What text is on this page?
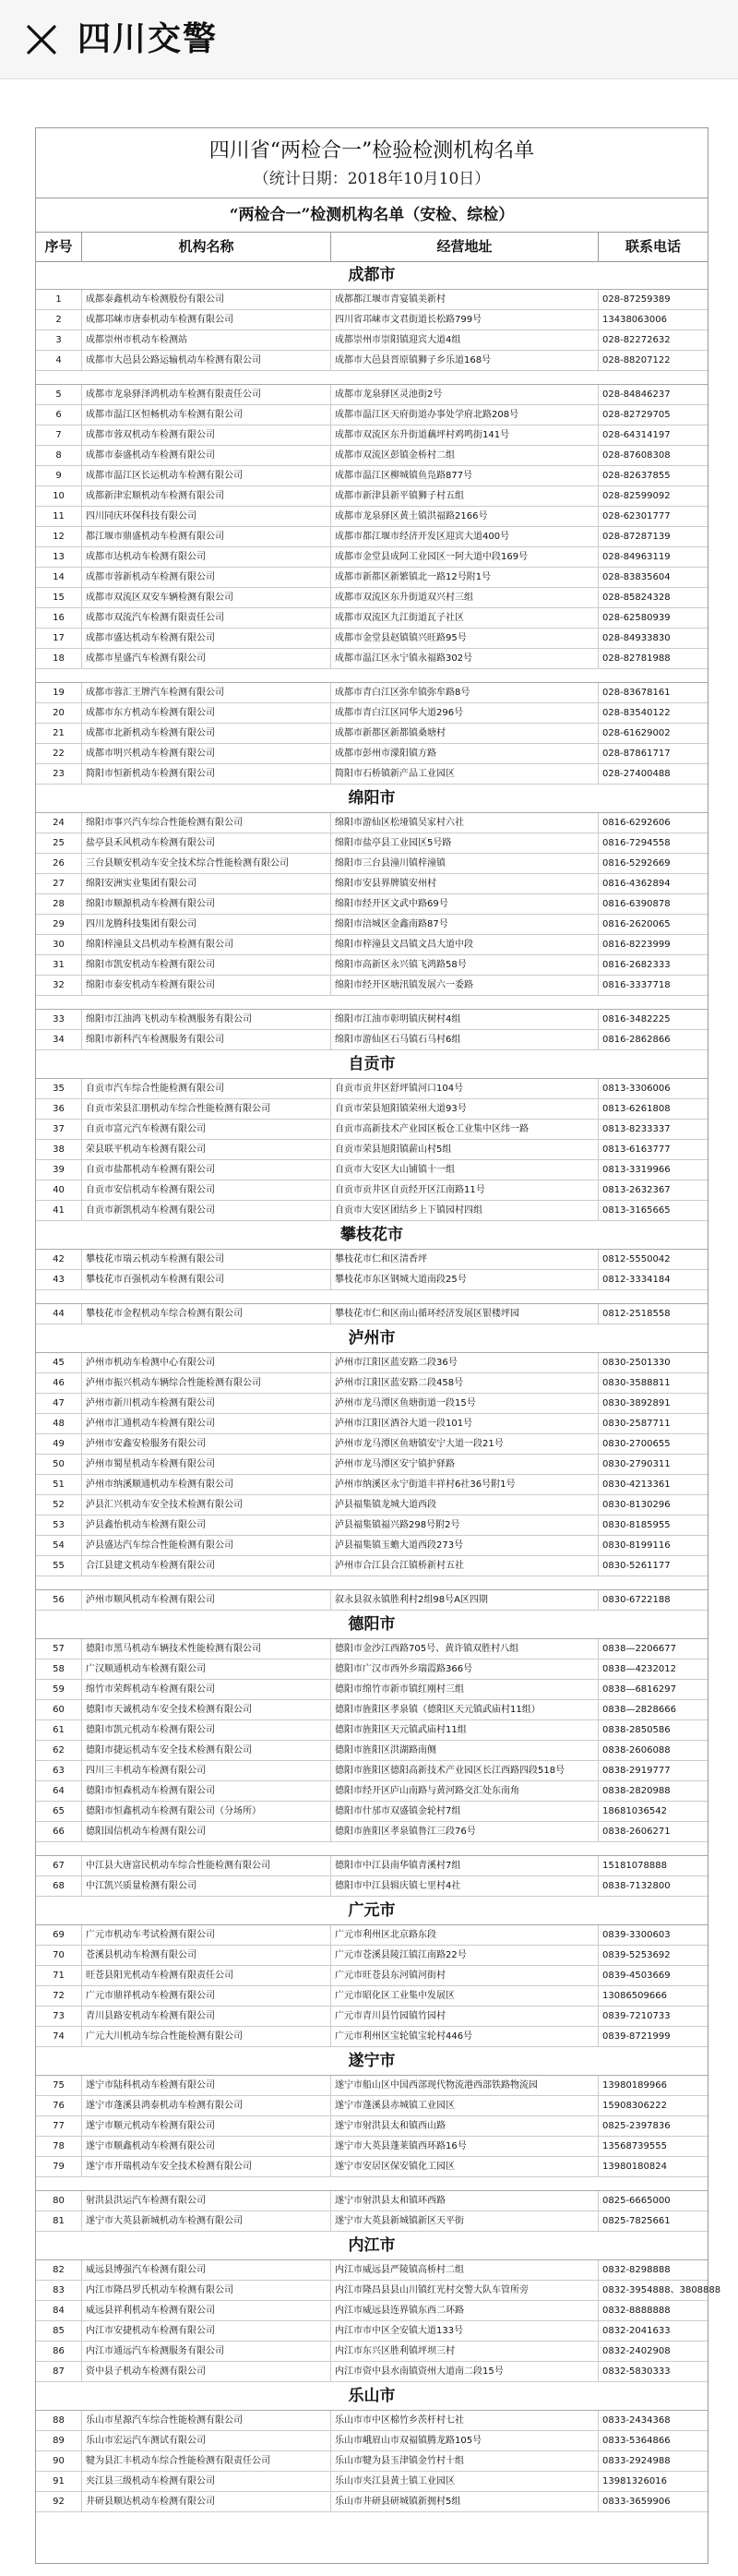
四川交警
四川省“两检合一”检验检测机构名单
（统计日期：2018年10月10日）
“两检合一”检测机构名单（安检、综检）
序号	机构名称	经营地址	联系电话
成都市
1	成都泰鑫机动车检测股份有限公司	成都都江堰市青宴镇美新村	028-87259389
2	成都邛崃市唐泰机动车检测有限公司	四川省邛崃市文君街道长松路799号	13438063006
3	成都崇州市机动车检测站	成都崇州市崇阳镇迎宾大道4组	028-82272632
4	成都市大邑县公路运输机动车检测有限公司	成都市大邑县晋原镇狮子乡乐道168号	028-88207122
5	成都市龙泉驿泽鸿机动车检测有限责任公司	成都市龙泉驿区灵池街2号	028-84846237
6	成都市温江区恒畅机动车检测有限公司	成都市温江区天府街道办事处学府北路208号	028-82729705
7	成都市蓉双机动车检测有限公司	成都市双流区东升街道藕坪村鸡鸣街141号	028-64314197
8	成都市泰盛机动车检测有限公司	成都市双流区彭镇金桥村二组	028-87608308
9	成都市温江区长运机动车检测有限公司	成都市温江区柳城镇鱼凫路877号	028-82637855
10	成都新津宏顺机动车检测有限公司	成都市新津县新平镇狮子村五组	028-82599092
11	四川同庆环保科技有限公司	成都市龙泉驿区黄土镇洪福路2166号	028-62301777
12	都江堰市鼎盛机动车检测有限公司	成都市都江堰市经济开发区迎宾大道400号	028-87287139
13	成都市达机动车检测有限公司	成都市金堂县成阿工业园区一阿大道中段169号	028-84963119
14	成都市蓉新机动车检测有限公司	成都市新都区新繁镇北一路12号附1号	028-83835604
15	成都市双流区双安车辆检测有限公司	成都市双流区东升街道双兴村三组	028-85824328
16	成都市双流汽车检测有限责任公司	成都市双流区九江街道瓦子社区	028-62580939
17	成都市盛达机动车检测有限公司	成都市金堂县赵镇镇兴旺路95号	028-84933830
18	成都市星盛汽车检测有限公司	成都市温江区永宁镇永福路302号	028-82781988
19	成都市蓉汇王牌汽车检测有限公司	成都市青白江区弥牟镇弥牟路8号	028-83678161
20	成都市东方机动车检测有限公司	成都市青白江区同华大道296号	028-83540122
21	成都市北新机动车检测有限公司	成都市新都区新都镇桑塘村	028-61629002
22	成都市明兴机动车检测有限公司	成都市彭州市濛阳镇方路	028-87861717
23	简阳市恒新机动车检测有限公司	简阳市石桥镇新产品工业园区	028-27400488
绵阳市
24	绵阳市事兴汽车综合性能检测有限公司	绵阳市游仙区松垭镇吴家村六社	0816-6292606
25	盐亭县禾风机动车检测有限公司	绵阳市盐亭县工业园区5号路	0816-7294558
26	三台县顺安机动车安全技术综合性能检测有限公司	绵阳市三台县潼川镇梓潼镇	0816-5292669
27	绵阳安洲实业集团有限公司	绵阳市安县界牌镇安州村	0816-4362894
28	绵阳市顺源机动车检测有限公司	绵阳市经开区文武中路69号	0816-6390878
29	四川龙腾科技集团有限公司	绵阳市涪城区金鑫南路87号	0816-2620065
30	绵阳梓潼县文昌机动车检测有限公司	绵阳市梓潼县文昌镇文昌大道中段	0816-8223999
31	绵阳市凯安机动车检测有限公司	绵阳市高新区永兴镇飞鸿路58号	0816-2682333
32	绵阳市泰安机动车检测有限公司	绵阳市经开区塘汛镇发展六一委路	0816-3337718
33	绵阳市江油鸿飞机动车检测服务有限公司	绵阳市江油市彰明镇庆树村4组	0816-3482225
34	绵阳市新科汽车检测服务有限公司	绵阳市游仙区石马镇石马村6组	0816-2862866
自贡市
35	自贡市汽车综合性能检测有限公司	自贡市贡井区舒坪镇河口104号	0813-3306006
36	自贡市荣县汇朋机动车综合性能检测有限公司	自贡市荣县旭阳镇荣州大道93号	0813-6261808
37	自贡市富元汽车检测有限公司	自贡市高新技术产业园区板仓工业集中区纬一路	0813-8233337
38	荣县联平机动车检测有限公司	自贡市荣县旭阳镇薪山村5组	0813-6163777
39	自贡市盐都机动车检测有限公司	自贡市大安区大山铺镇十一组	0813-3319966
40	自贡市安信机动车检测有限公司	自贡市贡井区自贡经开区江南路11号	0813-2632367
41	自贡市新凯机动车检测有限公司	自贡市大安区团结乡上下镇园村四组	0813-3165665
攀枝花市
42	攀枝花市瑞云机动车检测有限公司	攀枝花市仁和区清香坪	0812-5550042
43	攀枝花市百强机动车检测有限公司	攀枝花市东区钢城大道南段25号	0812-3334184
44	攀枝花市金程机动车综合检测有限公司	攀枝花市仁和区南山循环经济发展区银楼坪园	0812-2518558
泸州市
45	泸州市机动车检测中心有限公司	泸州市江阳区蓝安路二段36号	0830-2501330
46	泸州市振兴机动车辆综合性能检测有限公司	泸州市江阳区蓝安路二段458号	0830-3588811
47	泸州市新川机动车检测有限公司	泸州市龙马潭区鱼塘街道一段15号	0830-3892891
48	泸州市汇通机动车检测有限公司	泸州市江阳区酒谷大道一段101号	0830-2587711
49	泸州市安鑫安检服务有限公司	泸州市龙马潭区鱼塘镇安宁大道一段21号	0830-2700655
50	泸州市蜀星机动车检测有限公司	泸州市龙马潭区安宁镇护驿路	0830-2790311
51	泸州市纳溪顺通机动车检测有限公司	泸州市纳溪区永宁街道丰祥村6社36号附1号	0830-4213361
52	泸县汇兴机动车安全技术检测有限公司	泸县福集镇龙城大道西段	0830-8130296
53	泸县鑫怡机动车检测有限公司	泸县福集镇福兴路298号附2号	0830-8185955
54	泸县盛达汽车综合性能检测有限公司	泸县福集镇玉蟾大道西段273号	0830-8199116
55	合江县建文机动车检测有限公司	泸州市合江县合江镇桥新村五社	0830-5261177
56	泸州市顺风机动车检测有限公司	叙永县叙永镇胜利村2组98号A区四期	0830-6722188
德阳市
57	德阳市黑马机动车辆技术性能检测有限公司	德阳市金沙江西路705号、黄许镇双胜村八组	0838—2206677
58	广汉顺通机动车检测有限公司	德阳市广汉市西外乡瑞霞路366号	0838—4232012
59	绵竹市荣辉机动车检测有限公司	德阳市绵竹市新市镇红刚村三组	0838—6816297
60	德阳市天诚机动车安全技术检测有限公司	德阳市旌阳区孝泉镇（德阳区天元镇武庙村11组）	0838—2828666
61	德阳市凯元机动车检测有限公司	德阳市旌阳区天元镇武庙村11组	0838-2850586
62	德阳市捷运机动车安全技术检测有限公司	德阳市旌阳区洪湖路南侧	0838-2606088
63	四川三丰机动车检测有限公司	德阳市旌阳区德阳高新技术产业园区长江西路四段518号	0838-2919777
64	德阳市恒森机动车检测有限公司	德阳市经开区庐山南路与黄河路交汇处东南角	0838-2820988
65	德阳市恒鑫机动车检测有限公司（分场所）	德阳市什邡市双盛镇金轮村7组	18681036542
66	德阳国信机动车检测有限公司	德阳市旌阳区孝泉镇鲁江三段76号	0838-2606271
67	中江县大唐富民机动车综合性能检测有限公司	德阳市中江县南华镇青溪村7组	15181078888
68	中江凯兴质量检测有限公司	德阳市中江县辑庆镇七里村4社	0838-7132800
广元市
69	广元市机动车考试检测有限公司	广元市利州区北京路东段	0839-3300603
70	苍溪县机动车检测有限公司	广元市苍溪县陵江镇江南路22号	0839-5253692
71	旺苍县阳光机动车检测有限责任公司	广元市旺苍县东河镇河街村	0839-4503669
72	广元市鼎祥机动车检测有限公司	广元市昭化区工业集中发展区	13086509666
73	青川县路安机动车检测有限公司	广元市青川县竹园镇竹园村	0839-7210733
74	广元大川机动车综合性能检测有限公司	广元市利州区宝轮镇宝轮村446号	0839-8721999
遂宁市
75	遂宁市陆科机动车检测有限公司	遂宁市船山区中国西部现代物流港西部铁路物流园	13980189966
76	遂宁市蓬溪县鸿泰机动车检测有限公司	遂宁市蓬溪县赤城镇工业园区	15908306222
77	遂宁市顺元机动车检测有限公司	遂宁市射洪县太和镇西山路	0825-2397836
78	遂宁市顺鑫机动车检测有限公司	遂宁市大英县蓬莱镇西环路16号	13568739555
79	遂宁市开瑞机动车安全技术检测有限公司	遂宁市安居区保安镇化工园区	13980180824
80	射洪县洪运汽车检测有限公司	遂宁市射洪县太和镇环西路	0825-6665000
81	遂宁市大英县新城机动车检测有限公司	遂宁市大英县新城镇新区天平街	0825-7825661
内江市
82	威远县博强汽车检测有限公司	内江市威远县严陵镇高桥村二组	0832-8298888
83	内江市隆昌罗氏机动车检测有限公司	内江市隆昌县县山川镇红光村交警大队车管所旁	0832-3954888、3808888
84	威远县祥利机动车检测有限公司	内江市威远县连界镇东西二环路	0832-8888888
85	内江市安捷机动车检测有限公司	内江市市中区全安镇大道133号	0832-2041633
86	内江市通远汽车检测服务有限公司	内江市东兴区胜利镇坪坝三村	0832-2402908
87	资中县子机动车检测有限公司	内江市资中县水南镇资州大道南二段15号	0832-5830333
乐山市
88	乐山市星源汽车综合性能检测有限公司	乐山市市中区棉竹乡茨杆村七社	0833-2434368
89	乐山市宏运汽车测试有限公司	乐山市峨眉山市双福镇腾龙路105号	0833-5364866
90	犍为县汇丰机动车综合性能检测有限责任公司	乐山市犍为县玉津镇金竹村十组	0833-2924988
91	夹江县三级机动车检测有限公司	乐山市夹江县黄土镇工业园区	13981326016
92	井研县顺达机动车检测有限公司	乐山市井研县研城镇新拥村5组	0833-3659906
